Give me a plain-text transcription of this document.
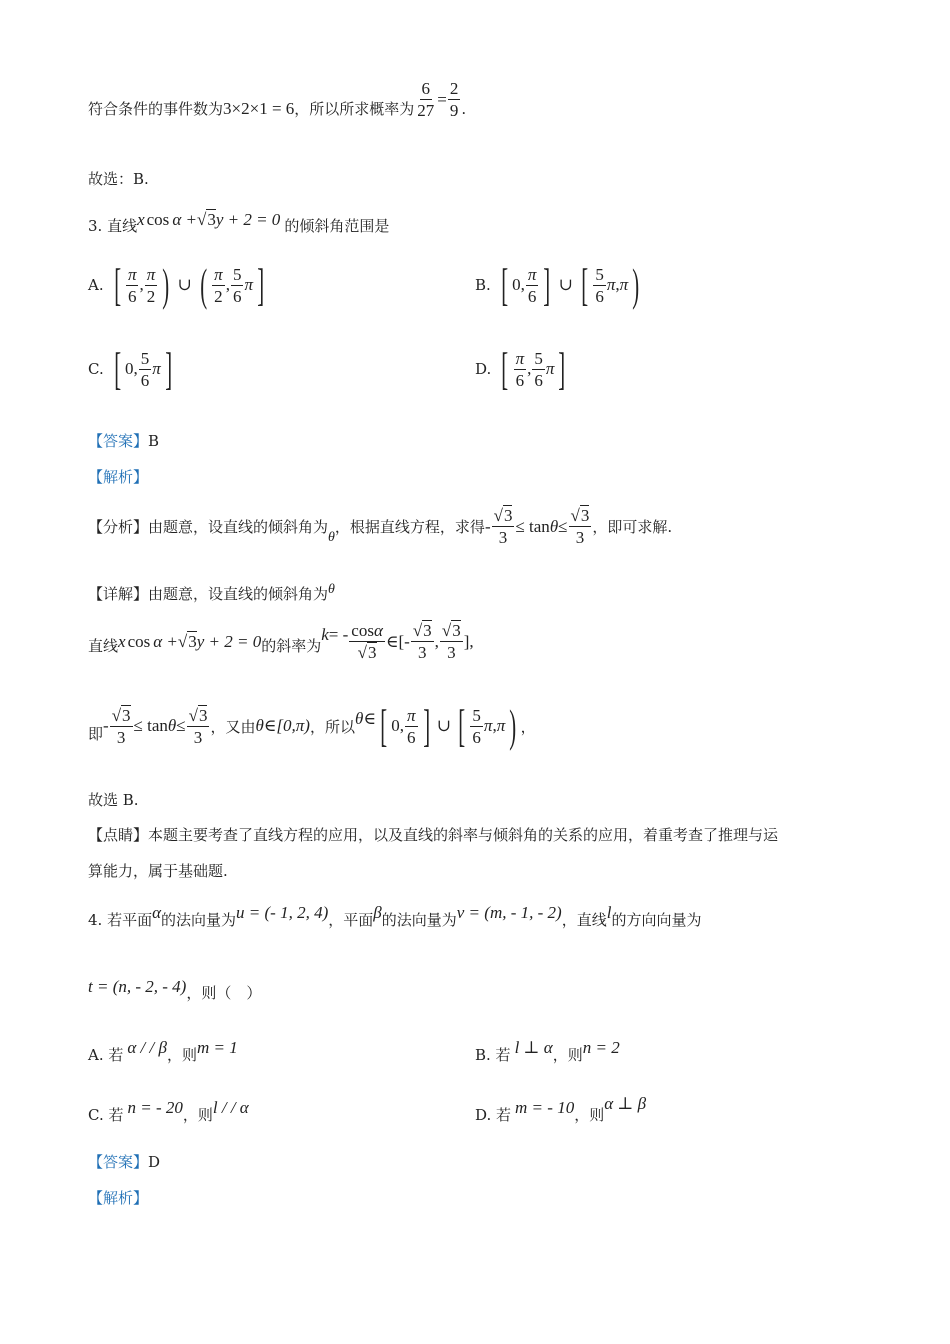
符合条件的事件数为 3×2×1 = 6 ，所以所求概率为 $\frac{6}{27} = \frac{2}{9}$ .
故选：B.
3. 直线 x cos α + √ 3 y + 2 = 0 的倾斜角范围是
A. [ $\frac{\pi}{6}$ , $\frac{\pi}{2}$ ) ∪ ( $\frac{\pi}{2}$ , $\frac{5}{6}$ π ]	B. [ 0, $\frac{\pi}{6}$ ] ∪ [ $\frac{5}{6}$ π , π )
C. [ 0, $\frac{5}{6}$ π ]	D. [ $\frac{\pi}{6}$ , $\frac{5}{6}$ π ]
【答案】B
【解析】
【分析】 由题意，设直线的倾斜角为
θ
，根据直线方程，求得 - $\frac{√3}{3} \le \tan \theta \le \frac{√3}{3}$ ，即可求解.
【详解】 由题意，设直线的倾斜角为 θ
直线 x cos α + √ 3 y + 2 = 0 的斜率为
k = - $\frac{\cos\alpha}{√3}$ ∈[- $\frac{√3}{3}$ , $\frac{√3}{3}$ ],
即 - $\frac{√3}{3} \le \tan \theta \le \frac{√3}{3}$ ，又由 θ∈[0,π) ，所以 θ ∈ [ 0, $\frac{\pi}{6}$ ] ∪ [ $\frac{5}{6}$ π , π ) ，
故选 B.
【点睛】本题主要考查了直线方程的应用，以及直线的斜率与倾斜角的关系的应用，着重考查了推理与运
算能力，属于基础题.
4. 若平面 α 的法向量为 u = (- 1, 2, 4) ，平面 β 的法向量为 v = (m, - 1, - 2) ，直线 l 的方向向量为
t = (n, - 2, - 4) ，则（　）
A. 若 α / / β ，则 m = 1	B. 若 l ⊥ α ，则 n = 2
C. 若 n = - 20 ，则 l / / α	D. 若 m = - 10 ，则
α ⊥ β
【答案】D
【解析】
